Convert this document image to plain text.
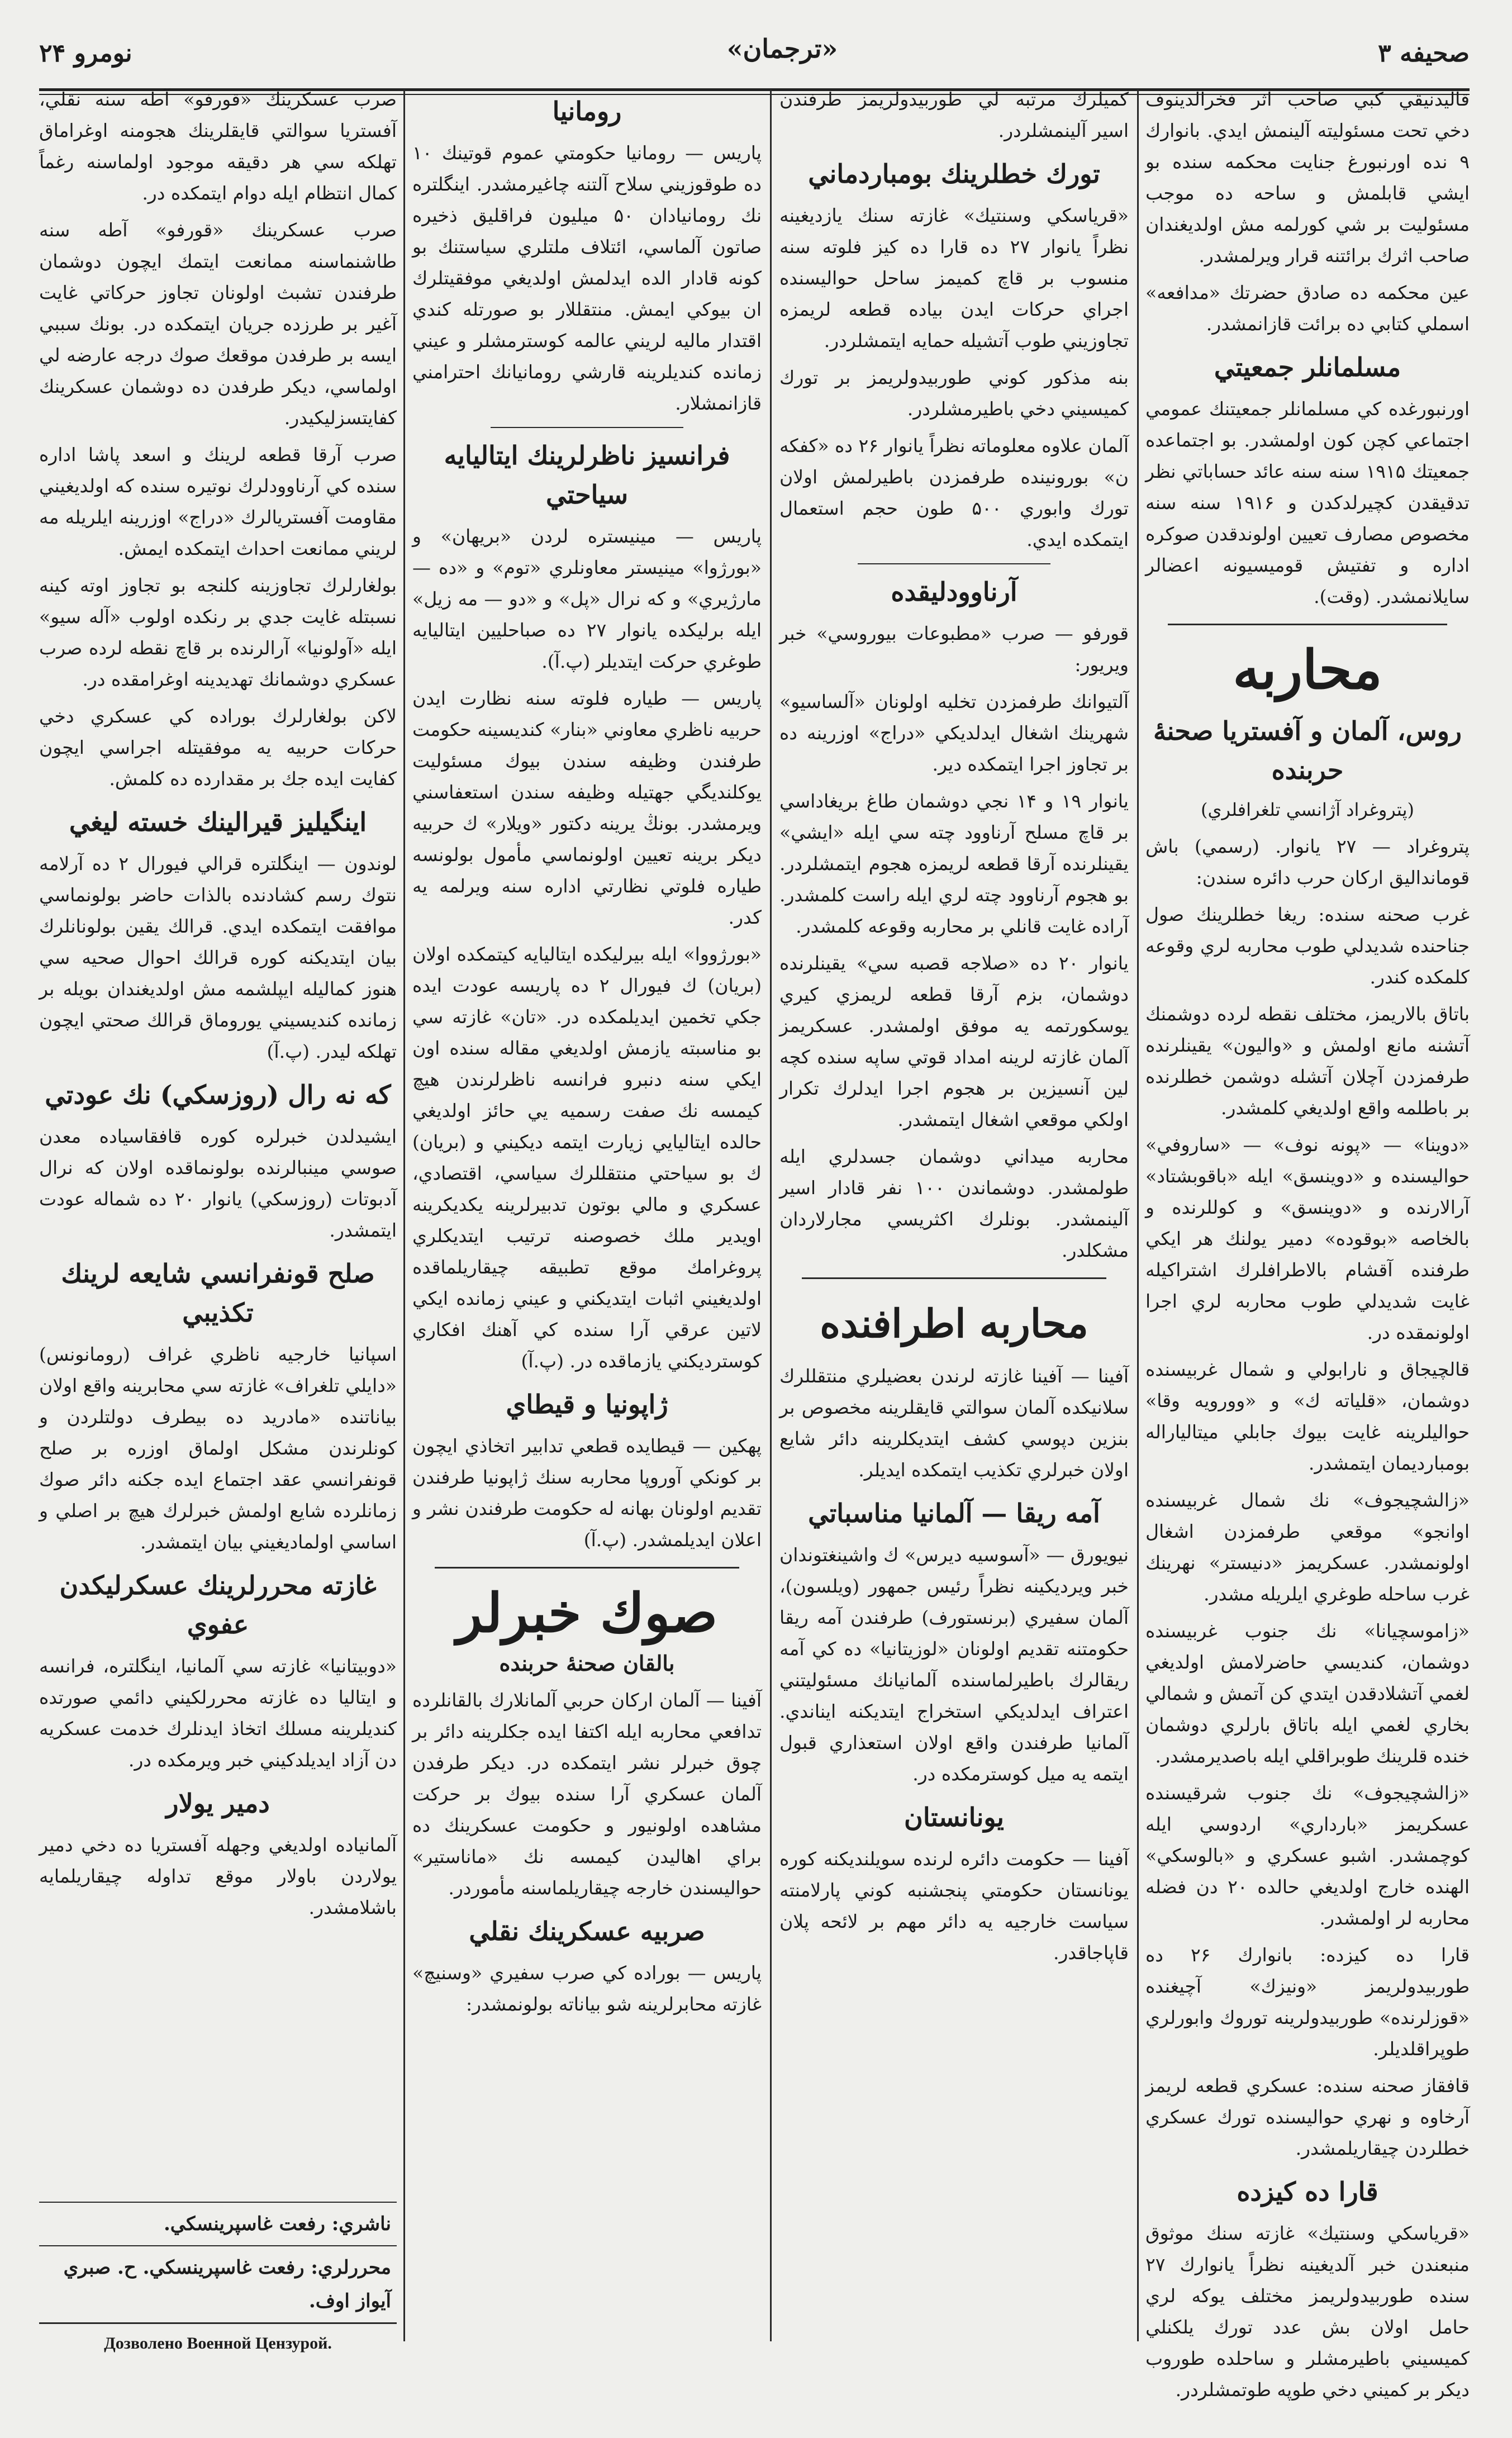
نومرو ۲۴	«ترجمان»	صحيفه ۳

قاليدنيقي كبي صاحب اثر فخرالدينوف دخي تحت مسئوليته آلينمش ايدي. بانوارك ۹ نده اورنبورغ جنايت محكمه سنده بو ايشي قابلمش و ساحه ده موجب مسئوليت بر شي كورلمه مش اولديغندان صاحب اثرك برائتنه قرار ويرلمشدر.

عين محكمه ده صادق حضرتك «مدافعه» اسملي كتابي ده برائت قازانمشدر.

مسلمانلر جمعيتي

اورنبورغده كي مسلمانلر جمعيتنك عمومي اجتماعي كچن كون اولمشدر. بو اجتماعده جمعيتك ۱۹۱۵ سنه سنه عائد حساباتي نظر تدقيقدن كچيرلدكدن و ۱۹۱۶ سنه سنه مخصوص مصارف تعيين اولوندقدن صوكره اداره و تفتيش قوميسيونه اعضالر سايلانمشدر. (وقت).

محاربه
روس، آلمان و آفستريا صحنهٔ حربنده
(پتروغراد آژانسي تلغرافلري)

پتروغراد — ۲۷ يانوار. (رسمي) باش قومانداليق اركان حرب دائره سندن:

غرب صحنه سنده: ريغا خطلرينك صول جناحنده شديدلي طوب محاربه لري وقوعه كلمكده كندر.

باتاق بالاريمز، مختلف نقطه لرده دوشمنك آتشنه مانع اولمش و «واليون» يقينلرنده طرفمزدن آچلان آتشله دوشمن خطلرنده بر باطلمه واقع اولديغي كلمشدر.

«دوينا» — «پونه نوف» — «ساروفي» حواليسنده و «دوينسق» ايله «باقوبشتاد» آرالارنده و «دوينسق» و كوللرنده و بالخاصه «بوقوده» دمير يولنك هر ايكي طرفنده آقشام بالاطرافلرك اشتراكيله غايت شديدلي طوب محاربه لري اجرا اولونمقده در.

قالچيجاق و نارابولي و شمال غربيسنده دوشمان، «قلياته ك» و «وورويه وقا» حواليلرينه غايت بيوك جابلي ميتالياراله بومبارديمان ايتمشدر.

«زالشچيجوف» نك شمال غربيسنده اوانجو» موقعي طرفمزدن اشغال اولونمشدر. عسكريمز «دنيستر» نهرينك غرب ساحله طوغري ايلريله مشدر.

«زاموسچيانا» نك جنوب غربيسنده دوشمان، كنديسي حاضرلامش اولديغي لغمي آتشلادقدن ايتدي كن آتمش و شمالي بخاري لغمي ايله باتاق بارلري دوشمان خنده قلرينك طوبراقلي ايله باصديرمشدر.

«زالشچيجوف» نك جنوب شرقيسنده عسكريمز «بارداري» اردوسي ايله كوچمشدر. اشبو عسكري و «بالوسكي» الهنده خارج اولديغي حالده ۲۰ دن فضله محاربه لر اولمشدر.

قارا ده كيزده: بانوارك ۲۶ ده طوربيدولريمز «ونيزك» آچيغنده «قوزلرنده» طوربيدولرينه توروك وابورلري طوپراقلديلر.

قافقاز صحنه سنده: عسكري قطعه لريمز آرخاوه و نهري حواليسنده تورك عسكري خطلردن چيقاريلمشدر.

قارا ده كيزده

«قرياسكي وسنتيك» غازته سنك موثوق منبعندن خبر آلديغينه نظراً يانوارك ۲۷ سنده طوربيدولريمز مختلف يوكه لري حامل اولان بش عدد تورك يلكنلي كميسيني باطيرمشلر و ساحلده طوروب ديكر بر كميني دخي طوپه طوتمشلردر.

كميلرك مرتبه لي طوربيدولريمز طرفندن اسير آلينمشلردر.

تورك خطلرينك بومباردماني

«قرياسكي وسنتيك» غازته سنك يازديغينه نظراً يانوار ۲۷ ده قارا ده كيز فلوته سنه منسوب بر قاچ كميمز ساحل حواليسنده اجراي حركات ايدن بياده قطعه لريمزه تجاوزيني طوب آتشيله حمايه ايتمشلردر.

بنه مذكور كوني طوربيدولريمز بر تورك كميسيني دخي باطيرمشلردر.

آلمان علاوه معلوماته نظراً يانوار ۲۶ ده «كفكه ن» بورونينده طرفمزدن باطيرلمش اولان تورك وابوري ۵۰۰ طون حجم استعمال ايتمكده ايدي.

آرناوودليقده

قورفو — صرب «مطبوعات بيوروسي» خبر ويريور:

آلتيوانك طرفمزدن تخليه اولونان «آلساسيو» شهرينك اشغال ايدلديكي «دراج» اوزرينه ده بر تجاوز اجرا ايتمكده دير.

يانوار ۱۹ و ۱۴ نجي دوشمان طاغ بريغاداسي بر قاچ مسلح آرناوود چته سي ايله «ايشي» يقينلرنده آرقا قطعه لريمزه هجوم ايتمشلردر. بو هجوم آرناوود چته لري ايله راست كلمشدر. آراده غايت قانلي بر محاربه وقوعه كلمشدر.

يانوار ۲۰ ده «صلاجه قصبه سي» يقينلرنده دوشمان، بزم آرقا قطعه لريمزي كيري يوسكورتمه يه موفق اولمشدر. عسكريمز آلمان غازته لرينه امداد قوتي ساپه سنده كچه لين آنسيزين بر هجوم اجرا ايدلرك تكرار اولكي موقعي اشغال ايتمشدر.

محاربه ميداني دوشمان جسدلري ايله طولمشدر. دوشماندن ۱۰۰ نفر قادار اسير آلينمشدر. بونلرك اكثريسي مجارلاردان مشكلدر.

محاربه اطرافنده

آفينا — آفينا غازته لرندن بعضيلري منتقللرك سلانيكده آلمان سوالتي قايقلرينه مخصوص بر بنزين دپوسي كشف ايتديكلرينه دائر شايع اولان خبرلري تكذيب ايتمكده ايديلر.

آمه ريقا — آلمانيا مناسباتي

نيويورق — «آسوسيه ديرس» ك واشينغتوندان خبر ويرديكينه نظراً رئيس جمهور (ويلسون)، آلمان سفيري (برنستورف) طرفندن آمه ريقا حكومتنه تقديم اولونان «لوزيتانيا» ده كي آمه ريقالرك باطيرلماسنده آلمانيانك مسئوليتني اعتراف ايدلديكي استخراج ايتديكنه ايناندي. آلمانيا طرفندن واقع اولان استعذاري قبول ايتمه يه ميل كوسترمكده در.

يونانستان

آفينا — حكومت دائره لرنده سويلنديكنه كوره يونانستان حكومتي پنجشنبه كوني پارلامنته سياست خارجيه يه دائر مهم بر لائحه پلان قاپاجاقدر.

رومانيا

پاريس — رومانيا حكومتي عموم قوتينك ۱۰ ده طوقوزيني سلاح آلتنه چاغيرمشدر. اينگلتره نك رومانيادان ۵۰ ميليون فراقليق ذخيره صاتون آلماسي، ائتلاف ملتلري سياستنك بو كونه قادار الده ايدلمش اولديغي موفقيتلرك ان بيوكي ايمش. منتقللار بو صورتله كندي اقتدار ماليه لريني عالمه كوسترمشلر و عيني زمانده كنديلرينه قارشي رومانيانك احترامني قازانمشلار.

فرانسيز ناظرلرينك ايتاليايه سياحتي

پاريس — مينيستره لردن «بريهان» و «بورژوا» مينيستر معاونلري «توم» و «ده — مارژيري» و كه نرال «پل» و «دو — مه زيل» ايله برليكده يانوار ۲۷ ده صباحليين ايتاليايه طوغري حركت ايتديلر (پ.آ).

پاريس — طياره فلوته سنه نظارت ايدن حربيه ناظري معاوني «بنار» كنديسينه حكومت طرفندن وظيفه سندن بيوك مسئوليت يوكلنديگي جهتيله وظيفه سندن استعفاسني ويرمشدر. بونڭ يرينه دكتور «ويلار» ك حربيه ديكر برينه تعيين اولونماسي مأمول بولونسه طياره فلوتي نظارتي اداره سنه ويرلمه يه كدر.

«بورژووا» ايله بيرليكده ايتاليايه كيتمكده اولان (بريان) ك فيورال ۲ ده پاريسه عودت ايده جكي تخمين ايديلمكده در. «تان» غازته سي بو مناسبته يازمش اولديغي مقاله سنده اون ايكي سنه دنبرو فرانسه ناظرلرندن هيچ كيمسه نك صفت رسميه يي حائز اولديغي حالده ايتاليايي زيارت ايتمه ديكيني و (بريان) ك بو سياحتي منتقللرك سياسي، اقتصادي، عسكري و مالي بوتون تدبيرلرينه يكديكرينه اويدير ملك خصوصنه ترتيب ايتديكلري پروغرامك موقع تطبيقه چيقاريلماقده اولديغيني اثبات ايتديكني و عيني زمانده ايكي لاتين عرقي آرا سنده كي آهنك افكاري كوسترديكني يازماقده در. (پ.آ)

ژاپونيا و قيطاي

پهكين — قيطايده قطعي تدابير اتخاذي ايچون بر كونكي آوروپا محاربه سنك ژاپونيا طرفندن تقديم اولونان بهانه له حكومت طرفندن نشر و اعلان ايديلمشدر. (پ.آ)

صوك خبرلر
بالقان صحنهٔ حربنده

آفينا — آلمان اركان حربي آلمانلارك بالقانلرده تدافعي محاربه ايله اكتفا ايده جكلرينه دائر بر چوق خبرلر نشر ايتمكده در. ديكر طرفدن آلمان عسكري آرا سنده بيوك بر حركت مشاهده اولونيور و حكومت عسكرينك ده براي اهاليدن كيمسه نك «ماناستير» حواليسندن خارجه چيقاريلماسنه مأموردر.

صربيه عسكرينك نقلي

پاريس — بوراده كي صرب سفيري «وسنيچ» غازته محابرلرينه شو بياناته بولونمشدر:

صرب عسكرينك «قورفو» آطه سنه نقلي، آفستريا سوالتي قايقلرينك هجومنه اوغراماق تهلكه سي هر دقيقه موجود اولماسنه رغماً كمال انتظام ايله دوام ايتمكده در.

صرب عسكرينك «قورفو» آطه سنه طاشنماسنه ممانعت ايتمك ايچون دوشمان طرفندن تشبث اولونان تجاوز حركاتي غايت آغير بر طرزده جريان ايتمكده در. بونك سببي ايسه بر طرفدن موقعك صوك درجه عارضه لي اولماسي، ديكر طرفدن ده دوشمان عسكرينك كفايتسزليكيدر.

صرب آرقا قطعه لرينك و اسعد پاشا اداره سنده كي آرناوودلرك نوتيره سنده كه اولديغيني مقاومت آفستريالرك «دراج» اوزرينه ايلريله مه لريني ممانعت احداث ايتمكده ايمش.

بولغارلرك تجاوزينه كلنجه بو تجاوز اوته كينه نسبتله غايت جدي بر رنكده اولوب «آله سيو» ايله «آولونيا» آرالرنده بر قاچ نقطه لرده صرب عسكري دوشمانك تهديدينه اوغرامقده در.

لاكن بولغارلرك بوراده كي عسكري دخي حركات حربيه يه موفقيتله اجراسي ايچون كفايت ايده جك بر مقدارده ده كلمش.

اينگيليز قيرالينك خسته ليغي

لوندون — اينگلتره قرالي فيورال ۲ ده آرلامه نتوك رسم كشادنده بالذات حاضر بولونماسي موافقت ايتمكده ايدي. قرالك يقين بولونانلرك بيان ايتديكنه كوره قرالك احوال صحيه سي هنوز كماليله ايپلشمه مش اولديغندان بويله بر زمانده كنديسيني يوروماق قرالك صحتي ايچون تهلكه ليدر. (پ.آ)

كه نه رال (روزسكي) نك عودتي

ايشيدلدن خبرلره كوره قافقاسياده معدن صوسي مينبالرنده بولونماقده اولان كه نرال آدبوتات (روزسكي) يانوار ۲۰ ده شماله عودت ايتمشدر.

صلح قونفرانسي شايعه لرينك تكذيبي

اسپانيا خارجيه ناظري غراف (رومانونس) «دايلي تلغراف» غازته سي محابرينه واقع اولان بياناتنده «مادريد ده بيطرف دولتلردن و كونلرندن مشكل اولماق اوزره بر صلح قونفرانسي عقد اجتماع ايده جكنه دائر صوك زمانلرده شايع اولمش خبرلرك هيچ بر اصلي و اساسي اولماديغيني بيان ايتمشدر.

غازته محررلرينك عسكرليكدن عفوي

«دوبيتانيا» غازته سي آلمانيا، اينگلتره، فرانسه و ايتاليا ده غازته محررلكيني دائمي صورتده كنديلرينه مسلك اتخاذ ايدنلرك خدمت عسكريه دن آزاد ايديلدكيني خبر ويرمكده در.

دمير يولار

آلمانياده اولديغي وجهله آفستريا ده دخي دمير يولاردن باولار موقع تداوله چيقاريلمايه باشلامشدر.

ناشري: رفعت غاسپرينسكي.
محررلري: رفعت غاسپرينسكي. ح. صبري آيواز اوف.
Дозволено Военной Цензурой.
